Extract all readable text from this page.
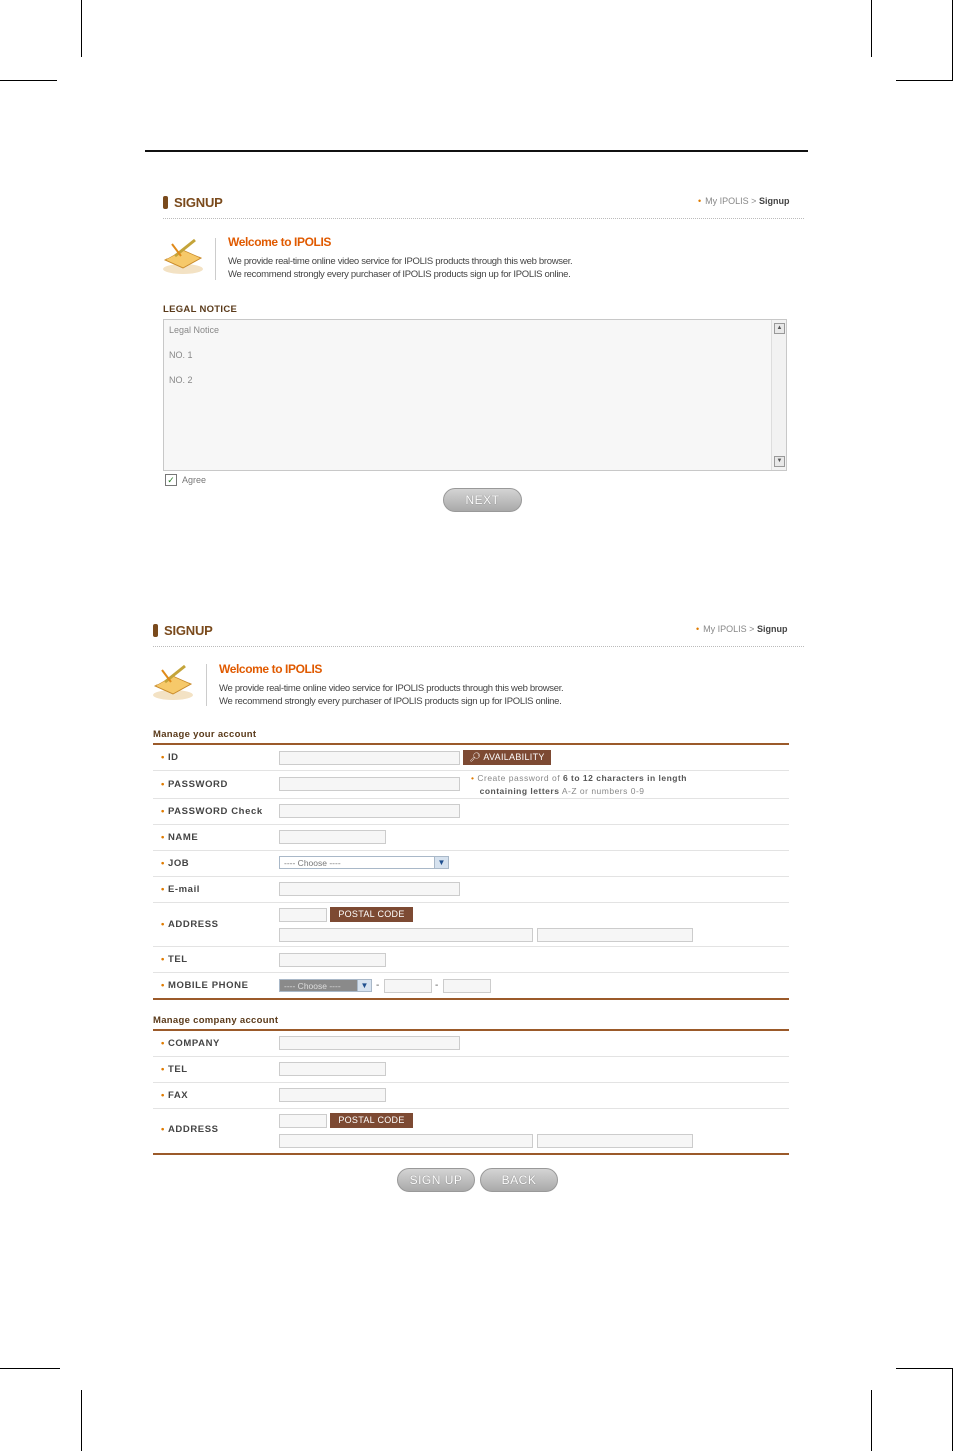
SIGNUP	• My IPOLIS > Signup
Welcome to IPOLIS
We provide real-time online video service for IPOLIS products through this web browser.
We recommend strongly every purchaser of IPOLIS products sign up for IPOLIS online.
LEGAL NOTICE
Legal Notice
NO. 1
NO. 2
▲
▼
✓ Agree
NEXT
SIGNUP	• My IPOLIS > Signup
Welcome to IPOLIS
We provide real-time online video service for IPOLIS products through this web browser.
We recommend strongly every purchaser of IPOLIS products sign up for IPOLIS online.
Manage your account
• ID	🔎︎ AVAILABILITY
• PASSWORD
• Create password of 6 to 12 characters in length
containing letters A-Z or numbers 0-9
• PASSWORD Check
• NAME
• JOB	---- Choose ----	▼
• E-mail
• ADDRESS
POSTAL CODE
• TEL
• MOBILE PHONE	---- Choose ----	▼ -	-
Manage company account
• COMPANY
• TEL
• FAX
• ADDRESS
POSTAL CODE
SIGN UP	BACK
